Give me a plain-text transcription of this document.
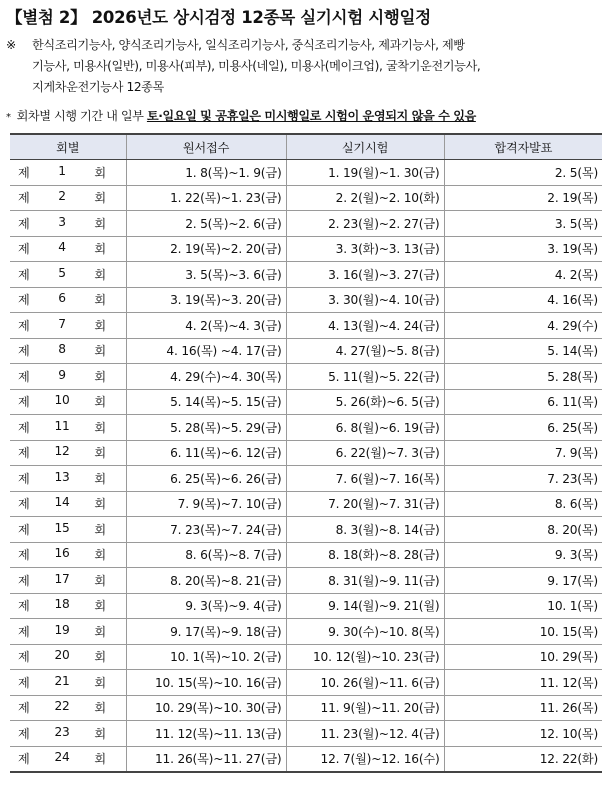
【별첨 2】 2026년도 상시검정 12종목 실기시험 시행일정
※ 한식조리기능사, 양식조리기능사, 일식조리기능사, 중식조리기능사, 제과기능사, 제빵
기능사, 미용사(일반), 미용사(피부), 미용사(네일), 미용사(메이크업), 굴착기운전기능사,
지게차운전기능사 12종목
* 회차별 시행 기간 내 일부 토·일요일 및 공휴일은 미시행일로 시험이 운영되지 않을 수 있음
회별	원서접수	실기시험	합격자발표

제 1 회	1. 8(목)~1. 9(금)	1. 19(월)~1. 30(금)	2. 5(목)

제 2 회	1. 22(목)~1. 23(금)	2. 2(월)~2. 10(화)	2. 19(목)

제 3 회	2. 5(목)~2. 6(금)	2. 23(월)~2. 27(금)	3. 5(목)

제 4 회	2. 19(목)~2. 20(금)	3. 3(화)~3. 13(금)	3. 19(목)

제 5 회	3. 5(목)~3. 6(금)	3. 16(월)~3. 27(금)	4. 2(목)

제 6 회	3. 19(목)~3. 20(금)	3. 30(월)~4. 10(금)	4. 16(목)

제 7 회	4. 2(목)~4. 3(금)	4. 13(월)~4. 24(금)	4. 29(수)

제 8 회	4. 16(목) ~4. 17(금)	4. 27(월)~5. 8(금)	5. 14(목)

제 9 회	4. 29(수)~4. 30(목)	5. 11(월)~5. 22(금)	5. 28(목)

제 10 회	5. 14(목)~5. 15(금)	5. 26(화)~6. 5(금)	6. 11(목)

제 11 회	5. 28(목)~5. 29(금)	6. 8(월)~6. 19(금)	6. 25(목)

제 12 회	6. 11(목)~6. 12(금)	6. 22(월)~7. 3(금)	7. 9(목)

제 13 회	6. 25(목)~6. 26(금)	7. 6(월)~7. 16(목)	7. 23(목)

제 14 회	7. 9(목)~7. 10(금)	7. 20(월)~7. 31(금)	8. 6(목)

제 15 회	7. 23(목)~7. 24(금)	8. 3(월)~8. 14(금)	8. 20(목)

제 16 회	8. 6(목)~8. 7(금)	8. 18(화)~8. 28(금)	9. 3(목)

제 17 회	8. 20(목)~8. 21(금)	8. 31(월)~9. 11(금)	9. 17(목)

제 18 회	9. 3(목)~9. 4(금)	9. 14(월)~9. 21(월)	10. 1(목)

제 19 회	9. 17(목)~9. 18(금)	9. 30(수)~10. 8(목)	10. 15(목)

제 20 회	10. 1(목)~10. 2(금)	10. 12(월)~10. 23(금)	10. 29(목)

제 21 회	10. 15(목)~10. 16(금)	10. 26(월)~11. 6(금)	11. 12(목)

제 22 회	10. 29(목)~10. 30(금)	11. 9(월)~11. 20(금)	11. 26(목)

제 23 회	11. 12(목)~11. 13(금)	11. 23(월)~12. 4(금)	12. 10(목)

제 24 회	11. 26(목)~11. 27(금)	12. 7(월)~12. 16(수)	12. 22(화)
